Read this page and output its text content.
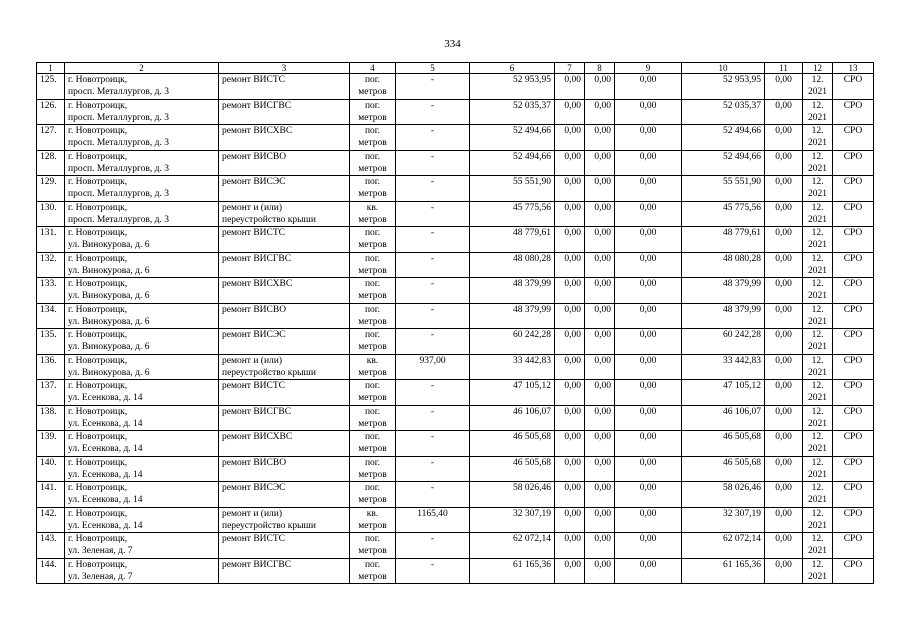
334
1	2	3	4	5	6	7	8	9	10	11	12	13
125.	г. Новотроицк,
просп. Металлургов, д. 3	ремонт ВИСТС	пог.
метров	-	52 953,95	0,00	0,00	0,00	52 953,95	0,00	12.
2021	СРО
126.	г. Новотроицк,
просп. Металлургов, д. 3	ремонт ВИСГВС	пог.
метров	-	52 035,37	0,00	0,00	0,00	52 035,37	0,00	12.
2021	СРО
127.	г. Новотроицк,
просп. Металлургов, д. 3	ремонт ВИСХВС	пог.
метров	-	52 494,66	0,00	0,00	0,00	52 494,66	0,00	12.
2021	СРО
128.	г. Новотроицк,
просп. Металлургов, д. 3	ремонт ВИСВО	пог.
метров	-	52 494,66	0,00	0,00	0,00	52 494,66	0,00	12.
2021	СРО
129.	г. Новотроицк,
просп. Металлургов, д. 3	ремонт ВИСЭС	пог.
метров	-	55 551,90	0,00	0,00	0,00	55 551,90	0,00	12.
2021	СРО
130.	г. Новотроицк,
просп. Металлургов, д. 3	ремонт и (или)
переустройство крыши	кв.
метров	-	45 775,56	0,00	0,00	0,00	45 775,56	0,00	12.
2021	СРО
131.	г. Новотроицк,
ул. Винокурова, д. 6	ремонт ВИСТС	пог.
метров	-	48 779,61	0,00	0,00	0,00	48 779,61	0,00	12.
2021	СРО
132.	г. Новотроицк,
ул. Винокурова, д. 6	ремонт ВИСГВС	пог.
метров	-	48 080,28	0,00	0,00	0,00	48 080,28	0,00	12.
2021	СРО
133.	г. Новотроицк,
ул. Винокурова, д. 6	ремонт ВИСХВС	пог.
метров	-	48 379,99	0,00	0,00	0,00	48 379,99	0,00	12.
2021	СРО
134.	г. Новотроицк,
ул. Винокурова, д. 6	ремонт ВИСВО	пог.
метров	-	48 379,99	0,00	0,00	0,00	48 379,99	0,00	12.
2021	СРО
135.	г. Новотроицк,
ул. Винокурова, д. 6	ремонт ВИСЭС	пог.
метров	-	60 242,28	0,00	0,00	0,00	60 242,28	0,00	12.
2021	СРО
136.	г. Новотроицк,
ул. Винокурова, д. 6	ремонт и (или)
переустройство крыши	кв.
метров	937,00	33 442,83	0,00	0,00	0,00	33 442,83	0,00	12.
2021	СРО
137.	г. Новотроицк,
ул. Есенкова, д. 14	ремонт ВИСТС	пог.
метров	-	47 105,12	0,00	0,00	0,00	47 105,12	0,00	12.
2021	СРО
138.	г. Новотроицк,
ул. Есенкова, д. 14	ремонт ВИСГВС	пог.
метров	-	46 106,07	0,00	0,00	0,00	46 106,07	0,00	12.
2021	СРО
139.	г. Новотроицк,
ул. Есенкова, д. 14	ремонт ВИСХВС	пог.
метров	-	46 505,68	0,00	0,00	0,00	46 505,68	0,00	12.
2021	СРО
140.	г. Новотроицк,
ул. Есенкова, д. 14	ремонт ВИСВО	пог.
метров	-	46 505,68	0,00	0,00	0,00	46 505,68	0,00	12.
2021	СРО
141.	г. Новотроицк,
ул. Есенкова, д. 14	ремонт ВИСЭС	пог.
метров	-	58 026,46	0,00	0,00	0,00	58 026,46	0,00	12.
2021	СРО
142.	г. Новотроицк,
ул. Есенкова, д. 14	ремонт и (или)
переустройство крыши	кв.
метров	1165,40	32 307,19	0,00	0,00	0,00	32 307,19	0,00	12.
2021	СРО
143.	г. Новотроицк,
ул. Зеленая, д. 7	ремонт ВИСТС	пог.
метров	-	62 072,14	0,00	0,00	0,00	62 072,14	0,00	12.
2021	СРО
144.	г. Новотроицк,
ул. Зеленая, д. 7	ремонт ВИСГВС	пог.
метров	-	61 165,36	0,00	0,00	0,00	61 165,36	0,00	12.
2021	СРО
